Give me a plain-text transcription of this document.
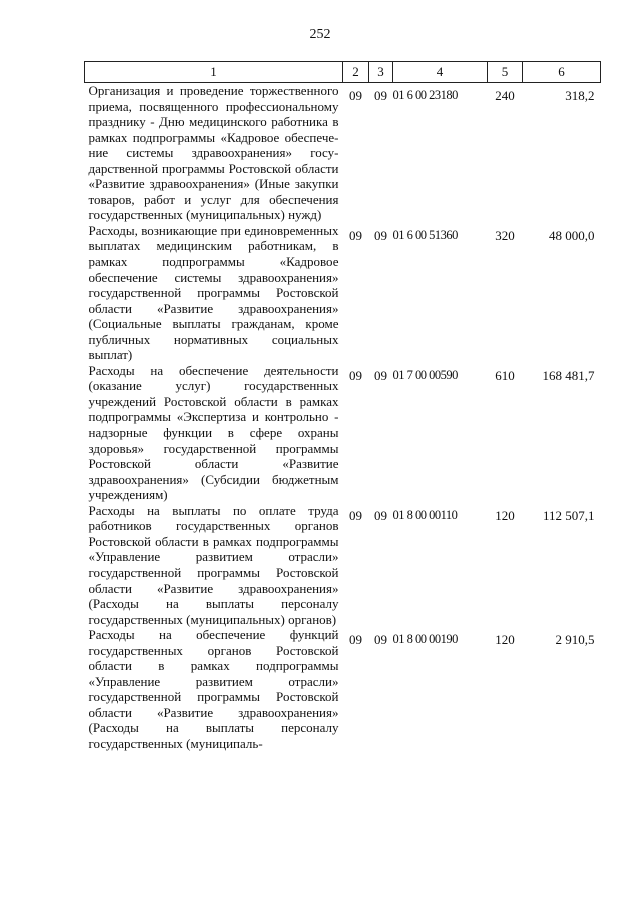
252
1	2	3	4	5	6
Организация и проведение торжественного приема, посвященного профессиональному празднику - Дню медицинского работника в рамках подпрограммы «Кадровое обеспечение системы здравоохранения» государственной программы Ростовской области «Развитие здравоохранения» (Иные закупки товаров, работ и услуг для обеспечения государственных (муниципальных) нужд)	09	09	01 6 00 23180	240	318,2
Расходы, возникающие при единовременных выплатах медицинским работникам, в рамках подпрограммы «Кадровое обеспечение системы здравоохранения» государственной программы Ростовской области «Развитие здравоохранения» (Социальные выплаты гражданам, кроме публичных нормативных социальных выплат)	09	09	01 6 00 51360	320	48 000,0
Расходы на обеспечение деятельности (оказание услуг) государственных учреждений Ростовской области в рамках подпрограммы «Экспертиза и контрольно - надзорные функции в сфере охраны здоровья» государственной программы Ростовской области «Развитие здравоохранения» (Субсидии бюджетным учреждениям)	09	09	01 7 00 00590	610	168 481,7
Расходы на выплаты по оплате труда работников государственных органов Ростовской области в рамках подпрограммы «Управление развитием отрасли» государственной программы Ростовской области «Развитие здравоохранения» (Расходы на выплаты персоналу государственных (муниципальных) органов)	09	09	01 8 00 00110	120	112 507,1
Расходы на обеспечение функций государственных органов Ростовской области в рамках подпрограммы «Управление развитием отрасли» государственной программы Ростовской области «Развитие здравоохранения» (Расходы на выплаты персоналу государственных (муниципаль-	09	09	01 8 00 00190	120	2 910,5
